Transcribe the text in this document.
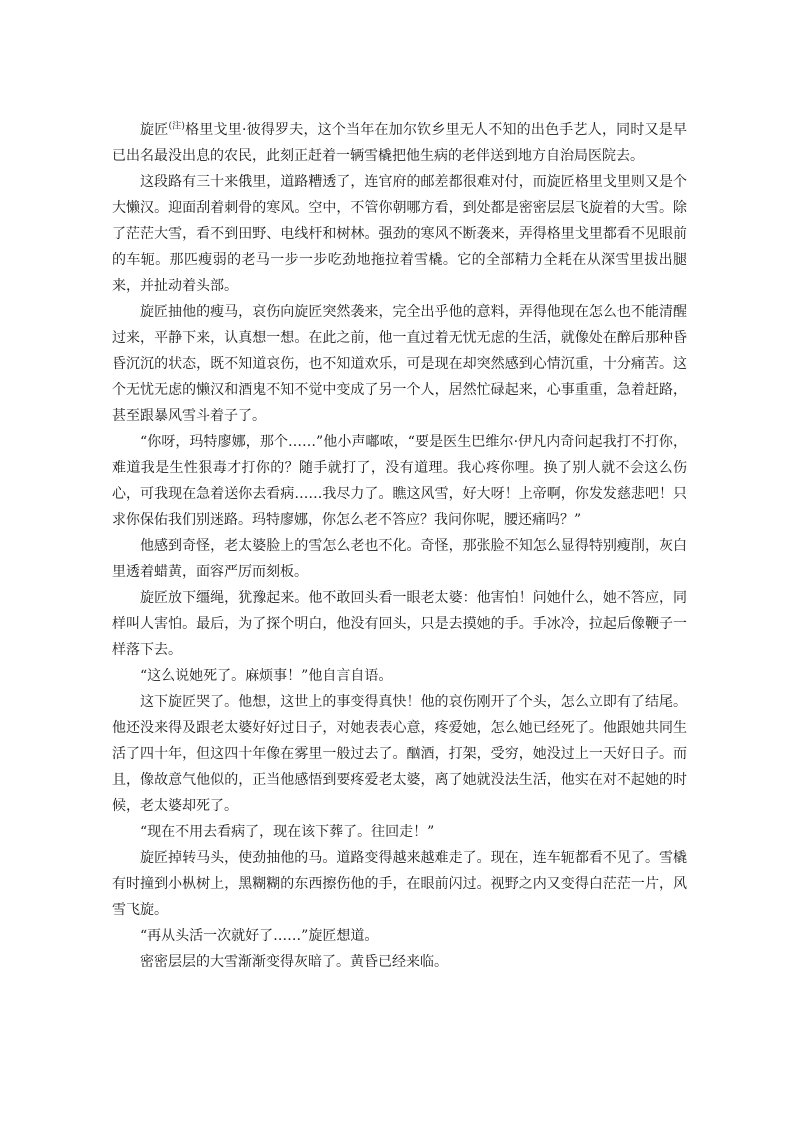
旋匠$^{(注)}$格里戈里·彼得罗夫，这个当年在加尔钦乡里无人不知的出色手艺人，同时又是早已出名最没出息的农民，此刻正赶着一辆雪橇把他生病的老伴送到地方自治局医院去。

这段路有三十来俄里，道路糟透了，连官府的邮差都很难对付，而旋匠格里戈里则又是个大懒汉。迎面刮着刺骨的寒风。空中，不管你朝哪方看，到处都是密密层层飞旋着的大雪。除了茫茫大雪，看不到田野、电线杆和树林。强劲的寒风不断袭来，弄得格里戈里都看不见眼前的车轭。那匹瘦弱的老马一步一步吃劲地拖拉着雪橇。它的全部精力全耗在从深雪里拔出腿来，并扯动着头部。

旋匠抽他的瘦马，哀伤向旋匠突然袭来，完全出乎他的意料，弄得他现在怎么也不能清醒过来，平静下来，认真想一想。在此之前，他一直过着无忧无虑的生活，就像处在醉后那种昏昏沉沉的状态，既不知道哀伤，也不知道欢乐，可是现在却突然感到心情沉重，十分痛苦。这个无忧无虑的懒汉和酒鬼不知不觉中变成了另一个人，居然忙碌起来，心事重重，急着赶路，甚至跟暴风雪斗着子了。

“你呀，玛特廖娜，那个……”他小声嘟哝，“要是医生巴维尔·伊凡内奇问起我打不打你，难道我是生性狠毒才打你的？随手就打了，没有道理。我心疼你哩。换了别人就不会这么伤心，可我现在急着送你去看病……我尽力了。瞧这风雪，好大呀！上帝啊，你发发慈悲吧！只求你保佑我们别迷路。玛特廖娜，你怎么老不答应？我问你呢，腰还痛吗？”

他感到奇怪，老太婆脸上的雪怎么老也不化。奇怪，那张脸不知怎么显得特别瘦削，灰白里透着蜡黄，面容严厉而刻板。

旋匠放下缰绳，犹豫起来。他不敢回头看一眼老太婆：他害怕！问她什么，她不答应，同样叫人害怕。最后，为了探个明白，他没有回头，只是去摸她的手。手冰冷，拉起后像鞭子一样落下去。

“这么说她死了。麻烦事！”他自言自语。

这下旋匠哭了。他想，这世上的事变得真快！他的哀伤刚开了个头，怎么立即有了结尾。他还没来得及跟老太婆好好过日子，对她表表心意，疼爱她，怎么她已经死了。他跟她共同生活了四十年，但这四十年像在雾里一般过去了。酗酒，打架，受穷，她没过上一天好日子。而且，像故意气他似的，正当他感悟到要疼爱老太婆，离了她就没法生活，他实在对不起她的时候，老太婆却死了。

“现在不用去看病了，现在该下葬了。往回走！”

旋匠掉转马头，使劲抽他的马。道路变得越来越难走了。现在，连车轭都看不见了。雪橇有时撞到小枞树上，黑糊糊的东西擦伤他的手，在眼前闪过。视野之内又变得白茫茫一片，风雪飞旋。

“再从头活一次就好了……”旋匠想道。

密密层层的大雪渐渐变得灰暗了。黄昏已经来临。
